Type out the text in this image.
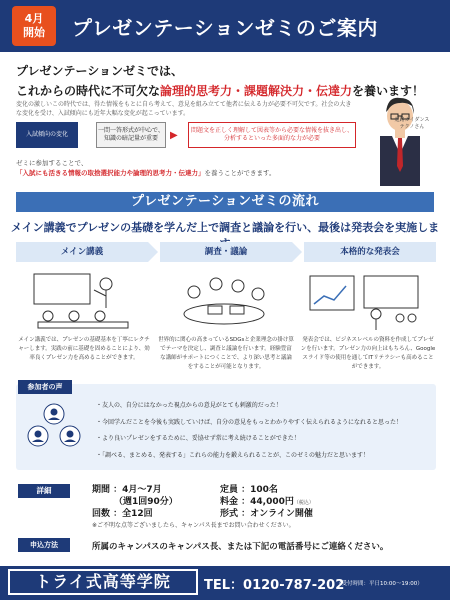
4月
開始	プレゼンテーションゼミのご案内
プレゼンテーションゼミでは、
これからの時代に不可欠な論理的思考力・課題解決力・伝達力を養います！
変化の激しいこの時代では、得た情報をもとに自ら考えて、意見を組み立てて他者に伝える力が必要不可欠です。社会の大きな変化を受け、入試傾向にも近年大幅な変化が起こっています。
入試傾向の変化
一問一答形式が中心で、知識の暗記量が重要	▶	問題文を正しく理解して図表等から必要な情報を抜き出し、分析するといった多面的な力が必要
ゼミに参加することで、
「入試にも活きる情報の取捨選択能力や論理的思考力・伝達力」を養うことができます。
進路ガイダンス テクノさん
プレゼンテーションゼミの流れ
メイン講義でプレゼンの基礎を学んだ上で調査と議論を行い、最後は発表会を実施しま
メイン講義	調査・議論	本格的な発表会
メイン講義では、プレゼンの基礎基本を丁寧にレクチャーします。実践の前に基礎を固めることにより、効率良くプレゼン力を高めることができます。
世界的に関心の高まっているSDGsと企業理念の掛け算でテーマを決定し、調査と議論を行います。経験豊富な講師がサポートにつくことで、より深い思考と議論をすることが可能となります。
発表会では、ビジネスレベルの資料を作成してプレゼンを行います。プレゼン力の向上はもちろん、Googleスライド等の使用を通してITリテラシーも高めることができます。
参加者の声
・ 友人の、自分にはなかった視点からの意見がとても刺激的だった！
・ 今回学んだことを今後も実践していけば、自分の意見をもっとわかりやすく伝えられるようになれると思った！
・ より良いプレゼンをするために、妥協せず常に考え続けることができた！
・ 「調べる、まとめる、発表する」これらの能力を鍛えられることが、このゼミの魅力だと思います！
詳細	期間 ：4月〜7月	定員 ：100名
（週1回90分）	料金 ：44,000円（税込）
回数 ：全12回	形式 ：オンライン開催
※ご不明な点等ございましたら、キャンパス長までお問い合わせください。
申込方法	所属のキャンパスのキャンパス長、または下記の電話番号にご連絡ください。
トライ式高等学院	TEL：0120-787-202
（受付時間：平日10:00〜19:00）
